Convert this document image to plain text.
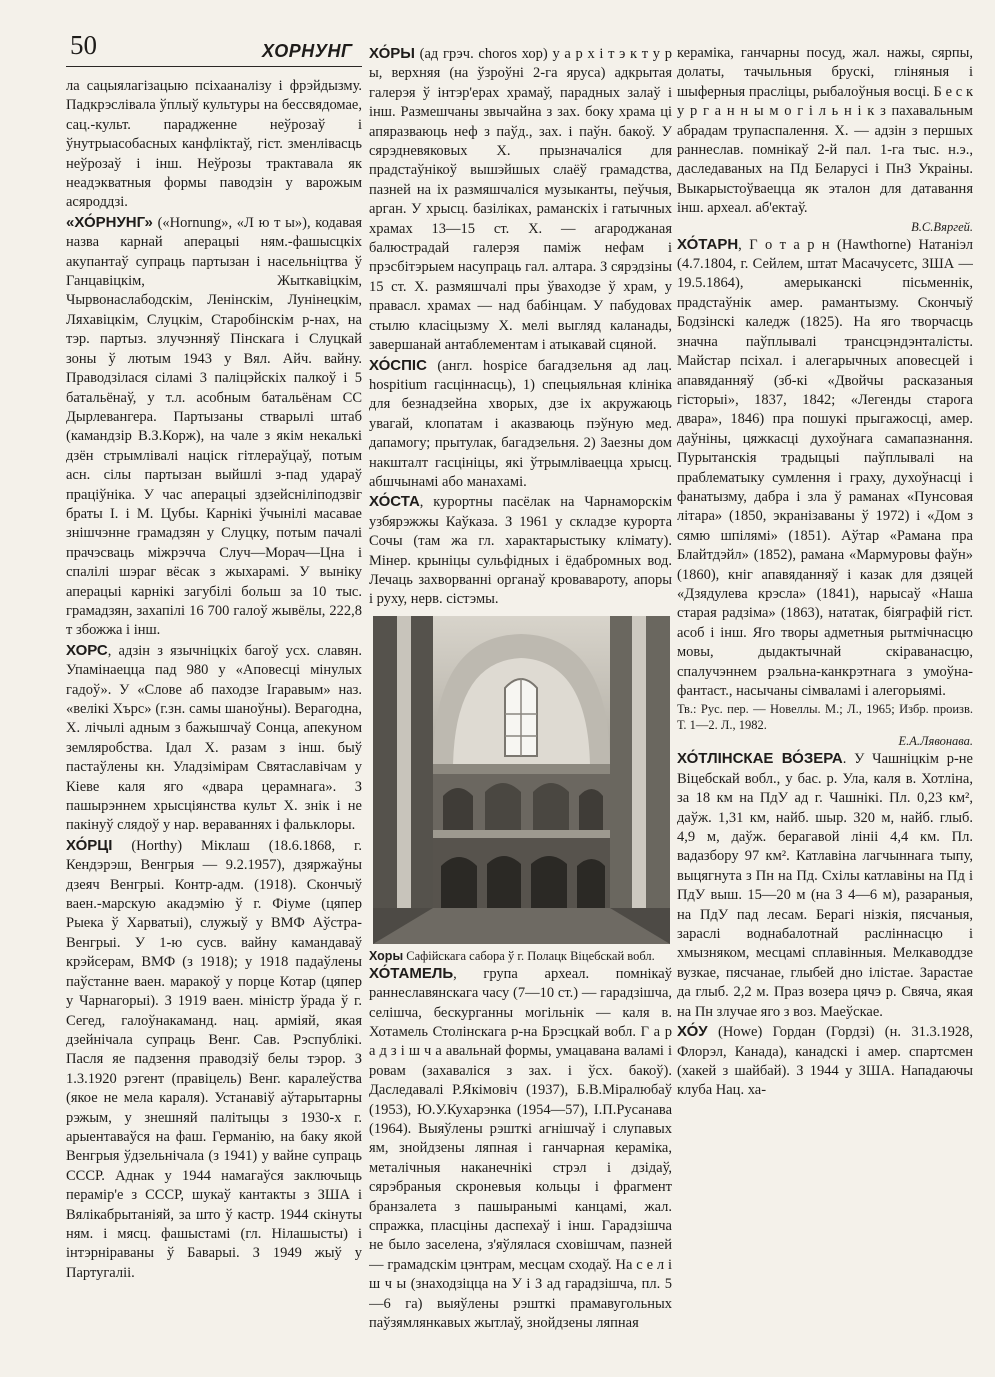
50	ХОРНУНГ

ла сацыялагізацыю псіхааналізу і фрэйдызму. Падкрэслівала ўплыў культуры на бессвядомае, сац.-культ. парадженне неўрозаў і ўнутрыасобасных канфліктаў, гіст. зменлівасць неўрозаў і інш. Неўрозы трактавала як неадэкватныя формы паводзін у варожым асяроддзі.

«ХО́РНУНГ» («Hornung», «Л ю т ы»), кодавая назва карнай аперацыі ням.-фашысцкіх акупантаў супраць партызан і насельніцтва ў Ганцавіцкім, Жыткавіцкім, Чырвонаслабодскім, Ленінскім, Лунінецкім, Ляхавіцкім, Слуцкім, Старобінскім р-нах, на тэр. партыз. злучэнняў Пінскага і Слуцкай зоны ў лютым 1943 у Вял. Айч. вайну. Праводзілася сіламі 3 паліцэйскіх палкоў і 5 батальёнаў, у т.л. асобным батальёнам СС Дырлевангера. Партызаны стварылі штаб (камандзір В.З.Корж), на чале з якім некалькі дзён стрымлівалі націск гітлераўцаў, потым асн. сілы партызан выйшлі з-пад удараў праціўніка. У час аперацыі здзейсніліподзвіг браты І. і М. Цубы. Карнікі ўчынілі масавае знішчэнне грамадзян у Слуцку, потым пачалі прачэсваць міжрэчча Случ—Морач—Цна і спалілі шэраг вёсак з жыхарамі. У выніку аперацыі карнікі загубілі больш за 10 тыс. грамадзян, захапілі 16 700 галоў жывёлы, 222,8 т збожжа і інш.

ХОРС, адзін з язычніцкіх багоў усх. славян. Упамінаецца пад 980 у «Аповесці мінулых гадоў». У «Слове аб паходзе Ігаравым» наз. «велікі Хърс» (г.зн. самы шаноўны). Верагодна, Х. лічылі адным з бажышчаў Сонца, апекуном земляробства. Ідал Х. разам з інш. быў пастаўлены кн. Уладзімірам Святаславічам у Кіеве каля яго «двара церамнага». З пашырэннем хрысціянства культ Х. знік і не пакінуў слядоў у нар. вераваннях і фальклоры.

ХО́РЦІ (Horthy) Міклаш (18.6.1868, г. Кендэрэш, Венгрыя — 9.2.1957), дзяржаўны дзеяч Венгрыі. Контр-адм. (1918). Скончыў ваен.-марскую акадэмію ў г. Фіуме (цяпер Рыека ў Харватыі), служыў у ВМФ Аўстра-Венгрыі. У 1-ю сусв. вайну камандаваў крэйсерам, ВМФ (з 1918); у 1918 падаўлены паўстанне ваен. маракоў у порце Котар (цяпер у Чарнагорыі). З 1919 ваен. міністр ўрада ў г. Сегед, галоўнакаманд. нац. арміяй, якая дзейнічала супраць Венг. Сав. Рэспублікі. Пасля яе падзення праводзіў белы тэрор. З 1.3.1920 рэгент (правіцель) Венг. каралеўства (якое не мела караля). Устанавіў аўтарытарны рэжым, у знешняй палітыцы з 1930-х г. арыентаваўся на фаш. Германію, на баку якой Венгрыя ўдзельнічала (з 1941) у вайне супраць СССР. Аднак у 1944 намагаўся заключыць перамір'е з СССР, шукаў кантакты з ЗША і Вялікабрытаніяй, за што ў кастр. 1944 скінуты ням. і мясц. фашыстамі (гл. Нілашысты) і інтэрніраваны ў Баварыі. З 1949 жыў у Партугаліі.

ХО́РЫ (ад грэч. choros хор) у а р х і т э к т у р ы, верхняя (на ўзроўні 2-га яруса) адкрытая галерэя ў інтэр'ерах храмаў, парадных залаў і інш. Размешчаны звычайна з зах. боку храма ці апяразваюць неф з паўд., зах. і паўн. бакоў. У сярэдневяковых Х. прызначаліся для прадстаўнікоў вышэйшых слаёў грамадства, пазней на іх размяшчаліся музыканты, пеўчыя, арган. У хрысц. базіліках, раманскіх і гатычных храмах 13—15 ст. Х. — агароджаная балюстрадай галерэя паміж нефам і прэсбітэрыем насупраць гал. алтара. З сярэдзіны 15 ст. Х. размяшчалі пры ўваходзе ў храм, у правасл. храмах — над бабінцам. У пабудовах стылю класіцызму Х. мелі выгляд каланады, завершанай антаблементам і атыкавай сцяной.

ХО́СПІС (англ. hospice багадзельня ад лац. hospitium гасціннасць), 1) спецыяльная клініка для безнадзейна хворых, дзе іх акружаюць увагай, клопатам і аказваюць пэўную мед. дапамогу; прытулак, багадзельня. 2) Заезны дом накшталт гасцініцы, які ўтрымліваецца хрысц. абшчынамі або манахамі.

ХО́СТА, курортны пасёлак на Чарнаморскім узбярэжжы Каўказа. З 1961 у складзе курорта Сочы (там жа гл. характарыстыку клімату). Мінер. крыніцы сульфідных і ёдабромных вод. Лечаць захворванні органаў кровавароту, апоры і руху, нерв. сістэмы.

Хоры Сафійскага сабора ў г. Полацк Віцебскай вобл.

ХО́ТАМЕЛЬ, група археал. помнікаў раннеславянскага часу (7—10 ст.) — гарадзішча, селішча, бескурганны могільнік — каля в. Хотамель Столінскага р-на Брэсцкай вобл. Г а р а д з і ш ч а авальнай формы, умацавана валамі і ровам (захаваліся з зах. і ўсх. бакоў). Даследавалі Р.Якімовіч (1937), Б.В.Міралюбаў (1953), Ю.У.Кухарэнка (1954—57), І.П.Русанава (1964). Выяўлены рэшткі агнішчаў і слупавых ям, знойдзены ляпная і ганчарная кераміка, металічныя наканечнікі стрэл і дзідаў, сярэбраныя скроневыя кольцы і фрагмент бранзалета з пашыранымі канцамі, жал. спражка, пласціны даспехаў і інш. Гарадзішча не было заселена, з'яўлялася сховішчам, пазней — грамадскім цэнтрам, месцам сходаў. На с е л і ш ч ы (знаходзіцца на У і З ад гарадзішча, пл. 5—6 га) выяўлены рэшткі прамавугольных паўзямлянкавых жытлаў, знойдзены ляпная

кераміка, ганчарны посуд, жал. нажы, сярпы, долаты, тачыльныя брускі, гліняныя і шыферныя праслiцы, рыбалоўныя восці. Б е с к у р г а н н ы м о г і л ь н і к з пахавальным абрадам трупаспалення. Х. — адзін з першых раннеслав. помнікаў 2-й пал. 1-га тыс. н.э., даследаваных на Пд Беларусі і ПнЗ Украіны. Выкарыстоўваецца як эталон для датавання інш. археал. аб'ектаў.

В.С.Вяргей.

ХО́ТАРН, Г о т а р н (Hawthorne) Натаніэл (4.7.1804, г. Сейлем, штат Масачусетс, ЗША — 19.5.1864), амерыканскі пісьменнік, прадстаўнік амер. рамантызму. Скончыў Бодзінскі каледж (1825). На яго творчасць значна паўплывалі трансцэндэнталісты. Майстар псіхал. і алегарычных аповесцей і апавяданняў (зб-кі «Двойчы расказаныя гісторыі», 1837, 1842; «Легенды старога двара», 1846) пра пошукі прыгажосці, амер. даўніны, цяжкасці духоўнага самапазнання. Пурытанскія традыцыі паўплывалі на праблематыку сумлення і граху, духоўнасці і фанатызму, дабра і зла ў раманах «Пунсовая літара» (1850, экранізаваны ў 1972) і «Дом з сямю шпілямі» (1851). Аўтар «Рамана пра Блайтдэйл» (1852), рамана «Мармуровы фаўн» (1860), кніг апавяданняў і казак для дзяцей «Дзядулева крэсла» (1841), нарысаў «Наша старая радзіма» (1863), нататак, біяграфій гіст. асоб і інш. Яго творы адметныя рытмічнасцю мовы, дыдактычнай скіраванасцю, спалучэннем рэальна-канкрэтнага з умоўна-фантаст., насычаны сімваламі і алегорыямі.

Тв.: Рус. пер. — Новеллы. М.; Л., 1965; Избр. произв. Т. 1—2. Л., 1982.

Е.А.Лявонава.

ХО́ТЛІНСКАЕ ВО́ЗЕРА. У Чашніцкім р-не Віцебскай вобл., у бас. р. Ула, каля в. Хотліна, за 18 км на ПдУ ад г. Чашнікі. Пл. 0,23 км², даўж. 1,31 км, найб. шыр. 320 м, найб. глыб. 4,9 м, даўж. берагавой лініі 4,4 км. Пл. вадазбору 97 км². Катлавіна лагчыннага тыпу, выцягнута з Пн на Пд. Схілы катлавіны на Пд і ПдУ выш. 15—20 м (на З 4—6 м), разараныя, на ПдУ пад лесам. Берагі нізкія, пясчаныя, зараслі воднабалотнай расліннасцю і хмызняком, месцамі сплавінныя. Мелкаводдзе вузкае, пясчанае, глыбей дно ілістае. Зарастае да глыб. 2,2 м. Праз возера цячэ р. Свяча, якая на Пн злучае яго з воз. Маеўскае.

ХО́У (Howe) Гордан (Гордзі) (н. 31.3.1928, Флорэл, Канада), канадскі і амер. спартсмен (хакей з шайбай). З 1944 у ЗША. Нападаючы клуба Нац. ха-
